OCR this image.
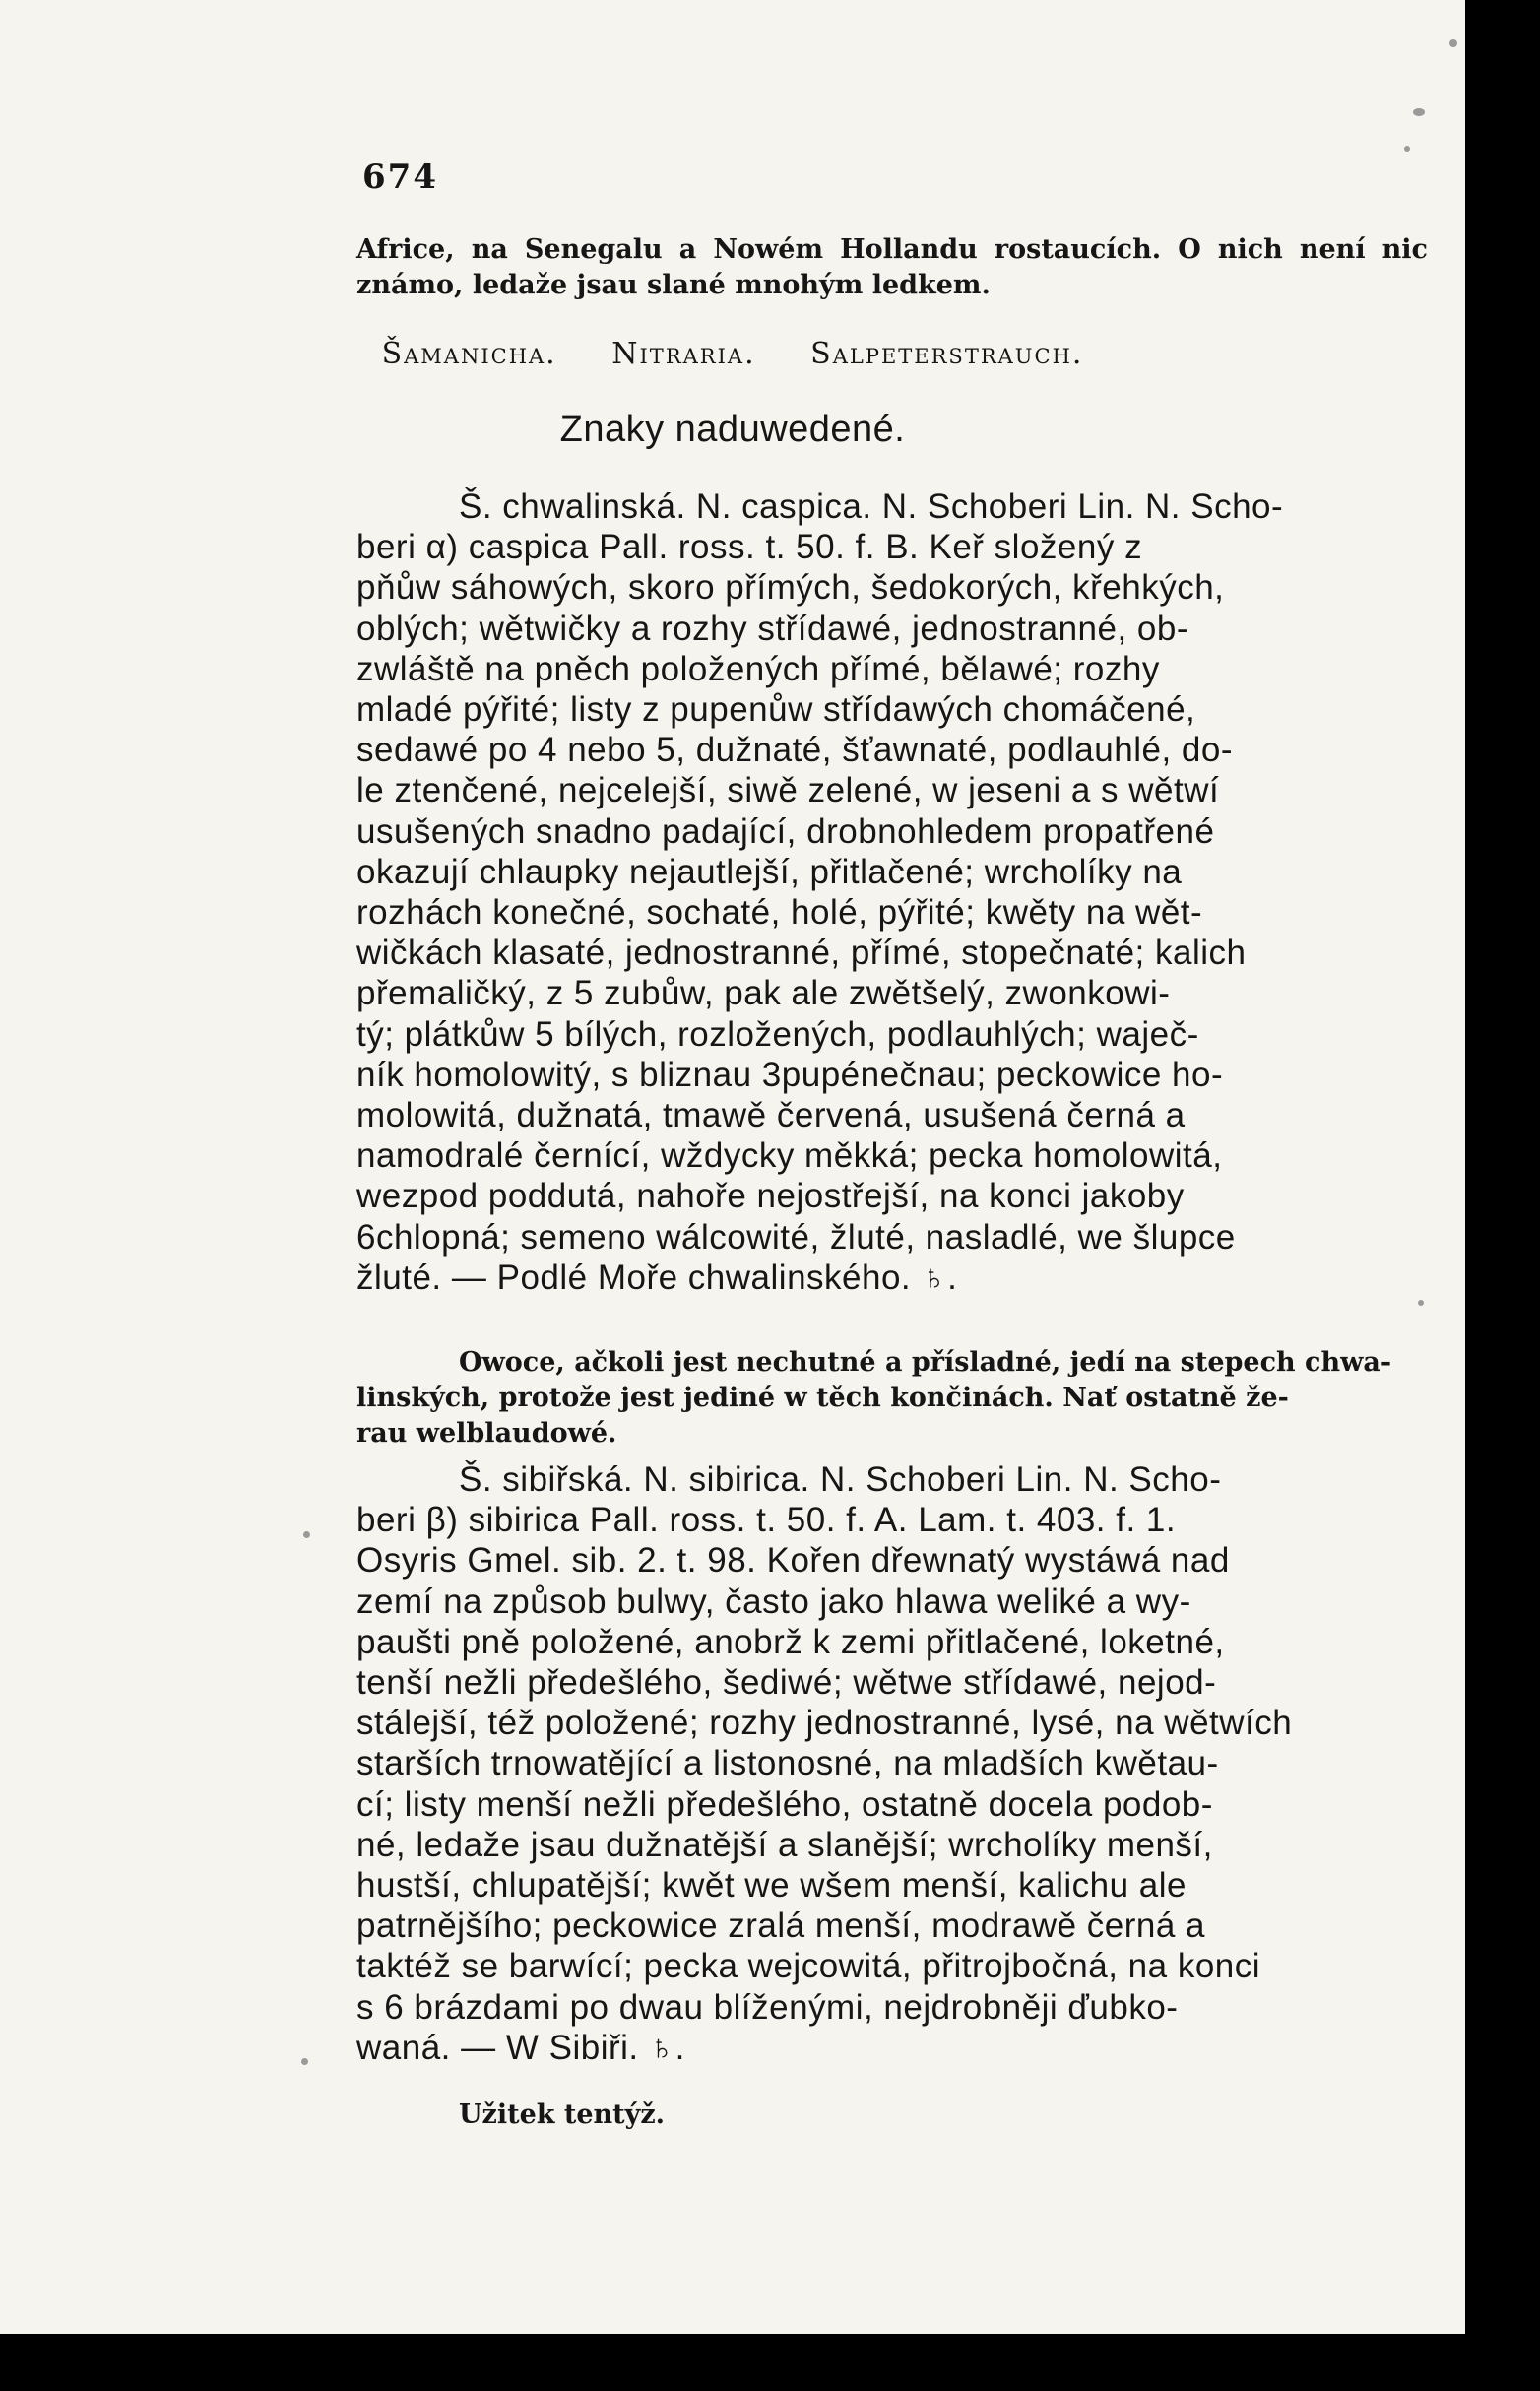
674

Africe, na Senegalu a Nowém Hollandu rostaucích. O nich není nic známo, ledaže jsau slané mnohým ledkem.

Šamanicha. Nitraria. Salpeterstrauch.
Znaky naduwedené.

Š. chwalinská. N. caspica. N. Schoberi Lin. N. Scho-

beri α) caspica Pall. ross. t. 50. f. B. Keř složený z

pňůw sáhowých, skoro přímých, šedokorých, křehkých,

oblých; wětwičky a rozhy střídawé, jednostranné, ob-

zwláště na pněch položených přímé, bělawé; rozhy

mladé pýřité; listy z pupenůw střídawých chomáčené,

sedawé po 4 nebo 5, dužnaté, šťawnaté, podlauhlé, do-

le ztenčené, nejcelejší, siwě zelené, w jeseni a s wětwí

usušených snadno padající, drobnohledem propatřené

okazují chlaupky nejautlejší, přitlačené; wrcholíky na

rozhách konečné, sochaté, holé, pýřité; kwěty na wět-

wičkách klasaté, jednostranné, přímé, stopečnaté; kalich

přemaličký, z 5 zubůw, pak ale zwětšelý, zwonkowi-

tý; plátkůw 5 bílých, rozložených, podlauhlých; waječ-

ník homolowitý, s bliznau 3pupénečnau; peckowice ho-

molowitá, dužnatá, tmawě červená, usušená černá a

namodralé černící, wždycky měkká; pecka homolowitá,

wezpod poddutá, nahoře nejostřejší, na konci jakoby

6chlopná; semeno wálcowité, žluté, nasladlé, we šlupce

žluté. — Podlé Moře chwalinského. ♄.

Owoce, ačkoli jest nechutné a přísladné, jedí na stepech chwa-

linských, protože jest jediné w těch končinách. Nať ostatně že-

rau welblaudowé.

Š. sibiřská. N. sibirica. N. Schoberi Lin. N. Scho-

beri β) sibirica Pall. ross. t. 50. f. A. Lam. t. 403. f. 1.

Osyris Gmel. sib. 2. t. 98. Kořen dřewnatý wystáwá nad

zemí na způsob bulwy, často jako hlawa weliké a wy-

paušti pně položené, anobrž k zemi přitlačené, loketné,

tenší nežli předešlého, šediwé; wětwe střídawé, nejod-

stálejší, též položené; rozhy jednostranné, lysé, na wětwích

starších trnowatějící a listonosné, na mladších kwětau-

cí; listy menší nežli předešlého, ostatně docela podob-

né, ledaže jsau dužnatější a slanější; wrcholíky menší,

hustší, chlupatější; kwět we wšem menší, kalichu ale

patrnějšího; peckowice zralá menší, modrawě černá a

taktéž se barwící; pecka wejcowitá, přitrojbočná, na konci

s 6 brázdami po dwau blíženými, nejdrobněji ďubko-

waná. — W Sibiři. ♄.

Užitek tentýž.
